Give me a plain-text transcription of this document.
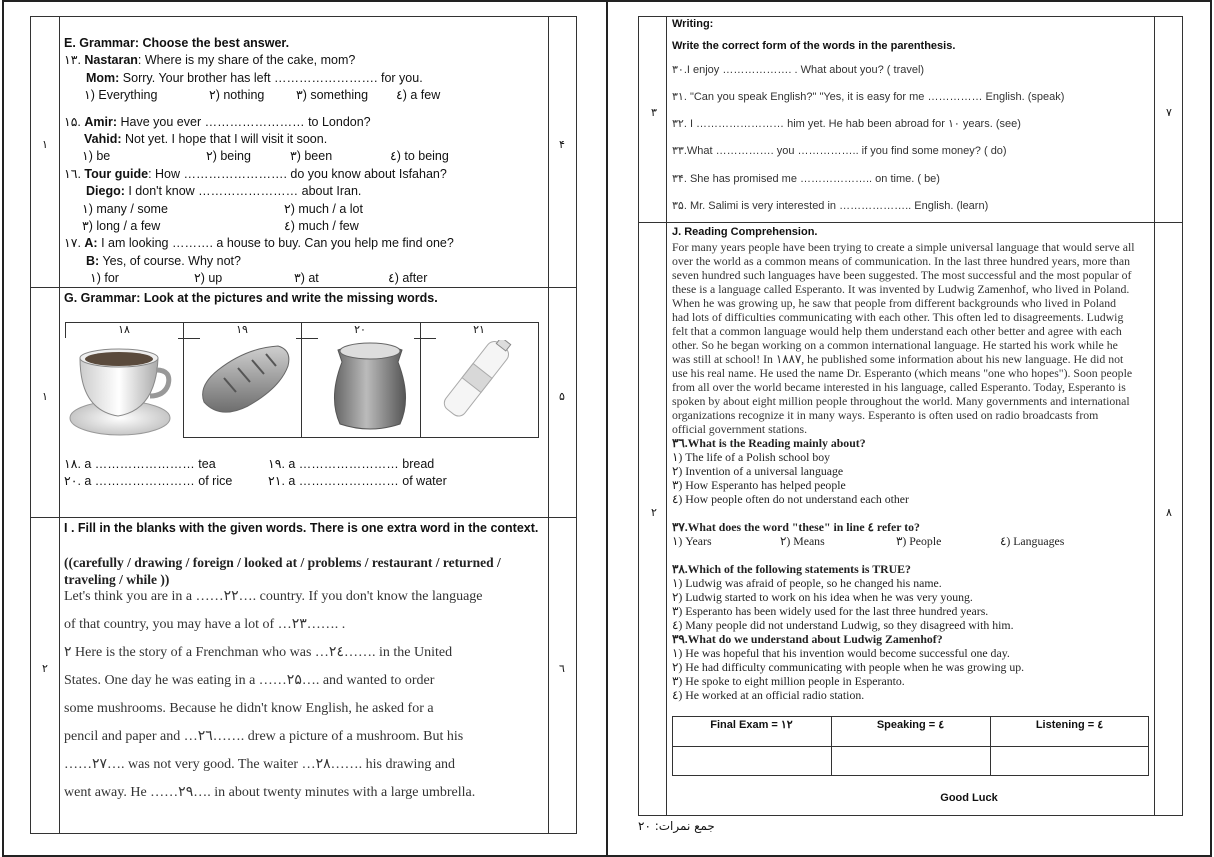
١	۴
E. Grammar: Choose the best answer.
١٣. Nastaran: Where is my share of the cake, mom?
Mom: Sorry. Your brother has left ……………………. for you.
١) Everything	٢) nothing	٣) something ٤) a few
١۵. Amir: Have you ever …………………… to London?
Vahid: Not yet. I hope that I will visit it soon.
١) be	٢) being	٣) been	٤) to being
١٦. Tour guide: How ……………………. do you know about Isfahan?
Diego: I don't know …………………… about Iran.
١) many / some	٢) much / a lot
٣) long / a few	٤) much / few
١٧. A: I am looking ………. a house to buy. Can you help me find one?
B: Yes, of course. Why not?
١) for	٢) up	٣) at	٤) after
١	۵
G. Grammar: Look at the pictures and write the missing words.
١٨	١٩	٢٠	٢١
١٨. a …………………… tea	١٩. a …………………… bread
٢٠. a …………………… of rice	٢١. a …………………… of water
٢	٦
I . Fill in the blanks with the given words. There is one extra word in the context.
((carefully / drawing / foreign / looked at / problems / restaurant / returned /
traveling / while ))
Let's think you are in a ……٢٢…. country. If you don't know the language
of that country, you may have a lot of …٢٣……. .
٢ Here is the story of a Frenchman who was …٢٤……. in the United
States. One day he was eating in a ……٢۵…. and wanted to order
some mushrooms. Because he didn't know English, he asked for a
pencil and paper and …٢٦……. drew a picture of a mushroom. But his
……٢٧…. was not very good. The waiter …٢٨……. his drawing and
went away. He ……٢٩…. in about twenty minutes with a large umbrella.
٣	٧
Writing:
Write the correct form of the words in the parenthesis.
٣٠.I enjoy ………………. . What about you? ( travel)
٣١. "Can you speak English?" "Yes, it is easy for me …………… English. (speak)
٣٢. I …………………… him yet. He hab been abroad for ١٠ years. (see)
٣٣.What ……………. you …………….. if you find some money? ( do)
٣۴. She has promised me ……………….. on time. ( be)
٣۵. Mr. Salimi is very interested in ……………….. English. (learn)
٢	٨
J. Reading Comprehension.

For many years people have been trying to create a simple universal language that would serve all

over the world as a common means of communication. In the last three hundred years, more than

seven hundred such languages have been suggested. The most successful and the most popular of

these is a language called Esperanto. It was invented by Ludwig Zamenhof, who lived in Poland.

When he was growing up, he saw that people from different backgrounds who lived in Poland

had lots of difficulties communicating with each other. This often led to disagreements. Ludwig

felt that a common language would help them understand each other better and agree with each

other. So he began working on a common international language. He started his work while he

was still at school! In ١٨٨٧, he published some information about his new language. He did not

use his real name. He used the name Dr. Esperanto (which means "one who hopes"). Soon people

from all over the world became interested in his language, called Esperanto. Today, Esperanto is

spoken by about eight million people throughout the world. Many governments and international

organizations recognize it in many ways. Esperanto is often used on radio broadcasts from

official government stations.

٣٦.What is the Reading mainly about?
١) The life of a Polish school boy
٢) Invention of a universal language
٣) How Esperanto has helped people
٤) How people often do not understand each other
٣٧.What does the word "these" in line ٤ refer to?
١) Years	٢) Means	٣) People	٤) Languages
٣٨.Which of the following statements is TRUE?
١) Ludwig was afraid of people, so he changed his name.
٢) Ludwig started to work on his idea when he was very young.
٣) Esperanto has been widely used for the last three hundred years.
٤) Many people did not understand Ludwig, so they disagreed with him.
٣٩.What do we understand about Ludwig Zamenhof?
١) He was hopeful that his invention would become successful one day.
٢) He had difficulty communicating with people when he was growing up.
٣) He spoke to eight million people in Esperanto.
٤) He worked at an official radio station.
Final Exam = ١٢	Speaking = ٤	Listening = ٤
Good Luck
جمع نمرات: ٢٠
